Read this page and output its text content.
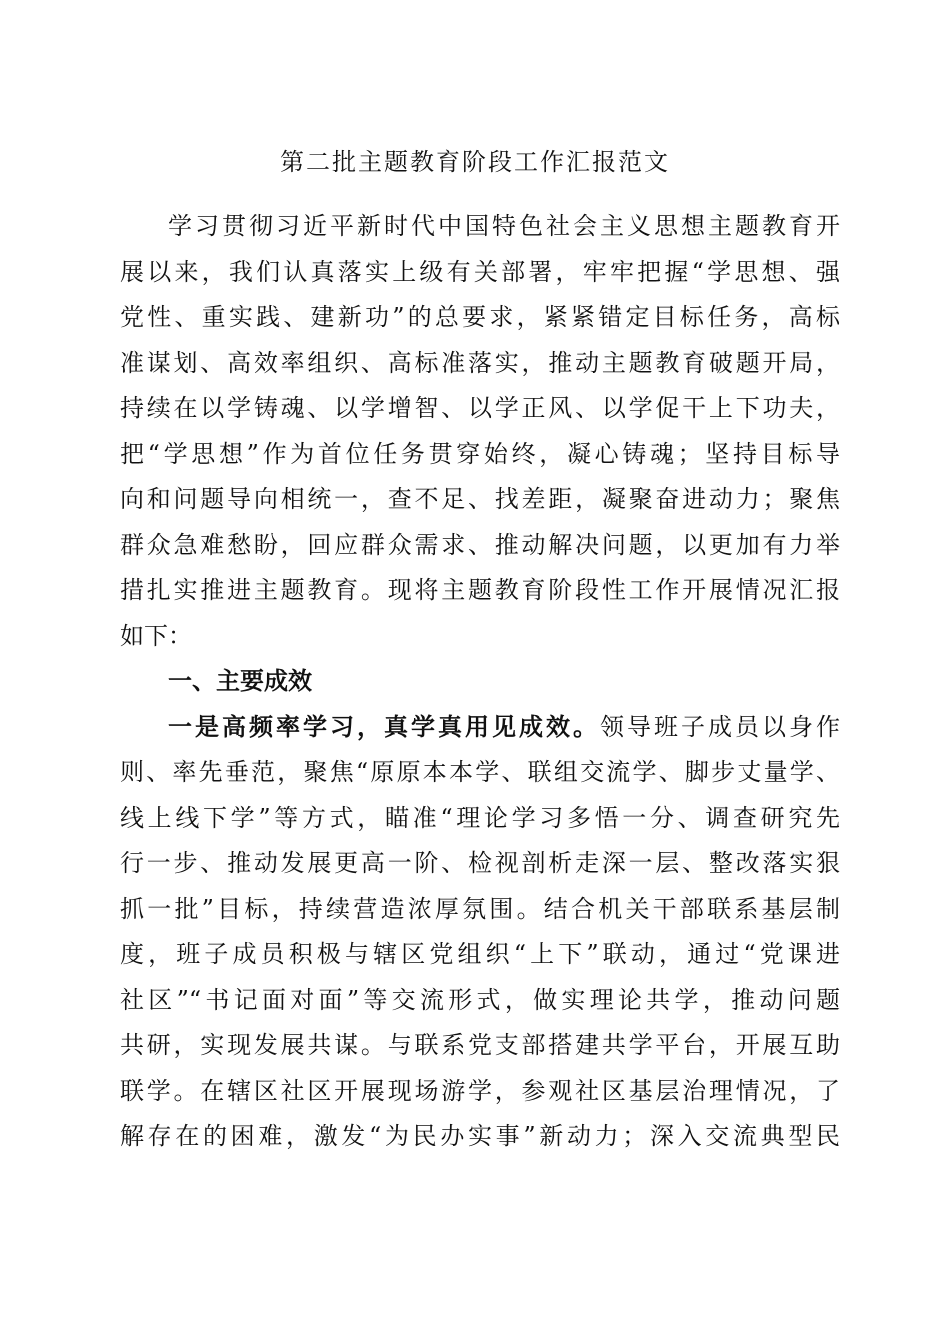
第二批主题教育阶段工作汇报范文
学习贯彻习近平新时代中国特色社会主义思想主题教育开
展以来，我们认真落实上级有关部署，牢牢把握“学思想、强
党性、重实践、建新功”的总要求，紧紧错定目标任务，高标
准谋划、高效率组织、高标准落实，推动主题教育破题开局，
持续在以学铸魂、以学增智、以学正风、以学促干上下功夫，
把“学思想”作为首位任务贯穿始终，凝心铸魂；坚持目标导
向和问题导向相统一，查不足、找差距，凝聚奋进动力；聚焦
群众急难愁盼，回应群众需求、推动解决问题，以更加有力举
措扎实推进主题教育。现将主题教育阶段性工作开展情况汇报
如下：
一、主要成效
一是高频率学习，真学真用见成效。领导班子成员以身作
则、率先垂范，聚焦“原原本本学、联组交流学、脚步丈量学、
线上线下学”等方式，瞄准“理论学习多悟一分、调查研究先
行一步、推动发展更高一阶、检视剖析走深一层、整改落实狠
抓一批”目标，持续营造浓厚氛围。结合机关干部联系基层制
度，班子成员积极与辖区党组织“上下”联动，通过“党课进
社区”“书记面对面”等交流形式，做实理论共学，推动问题
共研，实现发展共谋。与联系党支部搭建共学平台，开展互助
联学。在辖区社区开展现场游学，参观社区基层治理情况，了
解存在的困难，激发“为民办实事”新动力；深入交流典型民
